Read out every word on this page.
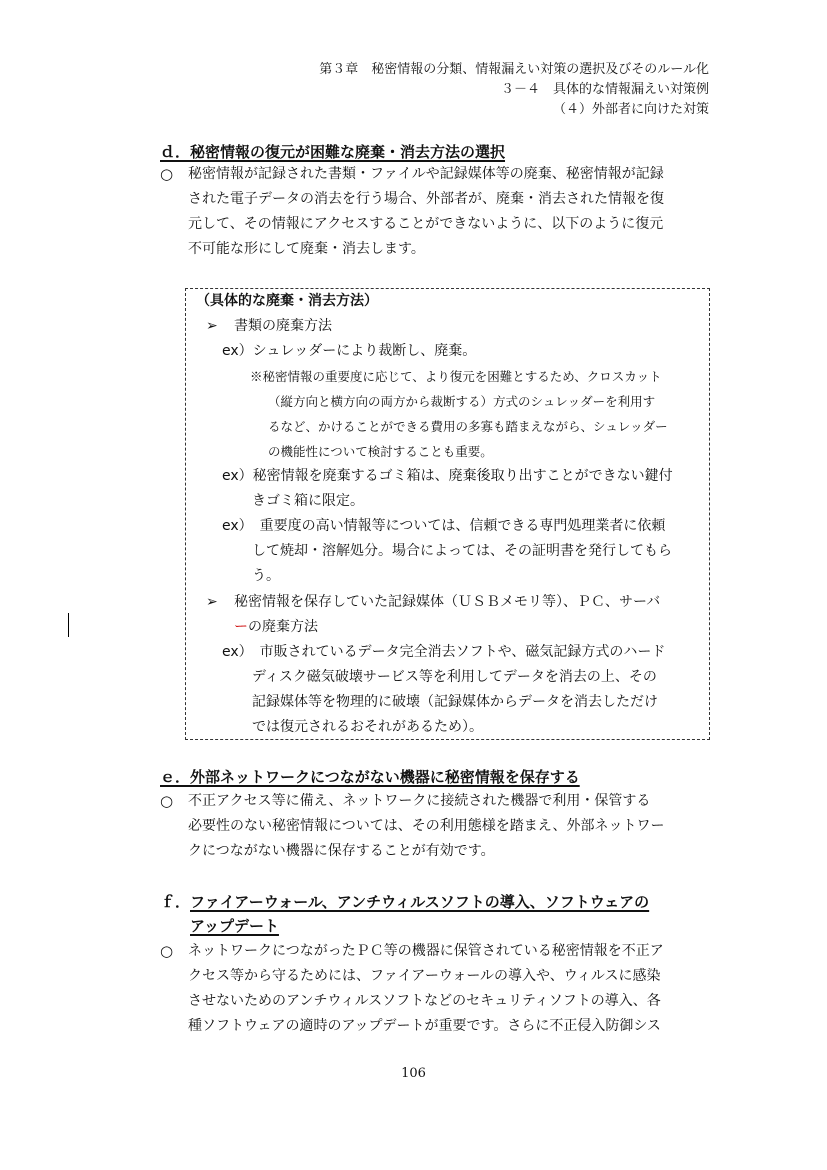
第３章　秘密情報の分類、情報漏えい対策の選択及びそのルール化
３－４　具体的な情報漏えい対策例
（４）外部者に向けた対策
ｄ．秘密情報の復元が困難な廃棄・消去方法の選択
○	秘密情報が記録された書類・ファイルや記録媒体等の廃棄、秘密情報が記録
された電子データの消去を行う場合、外部者が、廃棄・消去された情報を復
元して、その情報にアクセスすることができないように、以下のように復元
不可能な形にして廃棄・消去します。
（具体的な廃棄・消去方法）
➢ 書類の廃棄方法
ex）シュレッダーにより裁断し、廃棄。
※秘密情報の重要度に応じて、より復元を困難とするため、クロスカット
（縦方向と横方向の両方から裁断する）方式のシュレッダーを利用す
るなど、かけることができる費用の多寡も踏まえながら、シュレッダー
の機能性について検討することも重要。
ex）秘密情報を廃棄するゴミ箱は、廃棄後取り出すことができない鍵付
きゴミ箱に限定。
ex）　重要度の高い情報等については、信頼できる専門処理業者に依頼
して焼却・溶解処分。場合によっては、その証明書を発行してもら
う。
➢ 秘密情報を保存していた記録媒体（ＵＳＢメモリ等）、ＰＣ、サーバ
ーの廃棄方法
ex）　市販されているデータ完全消去ソフトや、磁気記録方式のハード
ディスク磁気破壊サービス等を利用してデータを消去の上、その
記録媒体等を物理的に破壊（記録媒体からデータを消去しただけ
では復元されるおそれがあるため）。
ｅ．外部ネットワークにつながない機器に秘密情報を保存する
○	不正アクセス等に備え、ネットワークに接続された機器で利用・保管する
必要性のない秘密情報については、その利用態様を踏まえ、外部ネットワー
クにつながない機器に保存することが有効です。
ｆ．ファイアーウォール、アンチウィルスソフトの導入、ソフトウェアの
アップデート
○	ネットワークにつながったＰＣ等の機器に保管されている秘密情報を不正ア
クセス等から守るためには、ファイアーウォールの導入や、ウィルスに感染
させないためのアンチウィルスソフトなどのセキュリティソフトの導入、各
種ソフトウェアの適時のアップデートが重要です。さらに不正侵入防御シス
106
